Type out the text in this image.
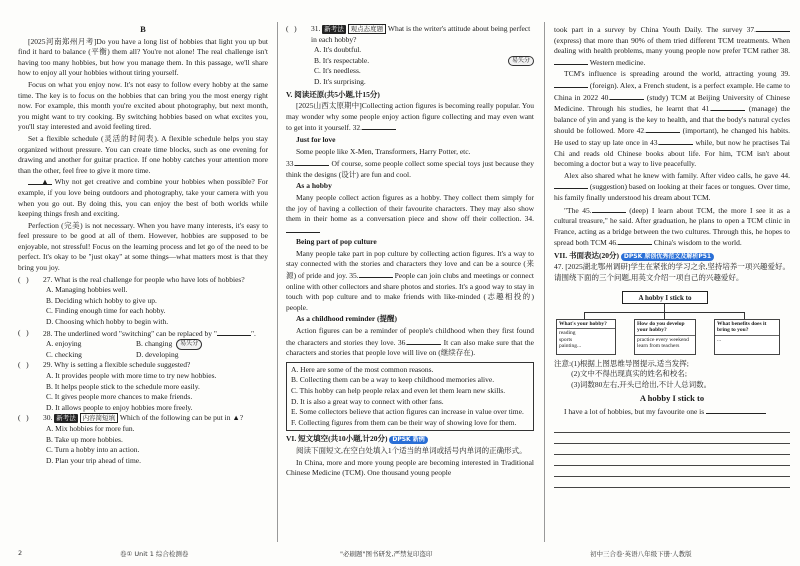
B

[2025河南郑州月考]Do you have a long list of hobbies that light you up but find it hard to balance (平衡) them all? You're not alone! The real challenge isn't having too many hobbies, but how you manage them. In this passage, we'll share how to enjoy all your hobbies without tiring yourself.

Focus on what you enjoy now. It's not easy to follow every hobby at the same time. The key is to focus on the hobbies that can bring you the most energy right now. For example, this month you're excited about photography, but next month, you might want to try cooking. By switching hobbies based on what excites you, you'll stay interested and avoid feeling tired.

Set a flexible schedule (灵活的时间表). A flexible schedule helps you stay organized without pressure. You can create time blocks, such as one evening for drawing and another for guitar practice. If one hobby catches your attention more than the other, feel free to give it more time.

▲ Why not get creative and combine your hobbies when possible? For example, if you love being outdoors and photography, take your camera with you when you go out. By doing this, you can enjoy the best of both worlds while keeping things fresh and exciting.

Perfection (完美) is not necessary. When you have many interests, it's easy to feel pressure to be good at all of them. However, hobbies are supposed to be enjoyable, not stressful! Focus on the learning process and let go of the need to be perfect. It's okay to be "just okay" at some things—what matters most is that they bring you joy.

(   )	27. What is the real challenge for people who have lots of hobbies?
A. Managing hobbies well.
B. Deciding which hobby to give up.
C. Finding enough time for each hobby.
D. Choosing which hobby to begin with.
(   )	28. The underlined word "switching" can be replaced by "	".
A. enjoying	B. changing	易失分
C. checking	D. developing
(   )	29. Why is setting a flexible schedule suggested?
A. It provides people with more time to try new hobbies.
B. It helps people stick to the schedule more easily.
C. It gives people more chances to make friends.
D. It allows people to enjoy hobbies more freely.
(   )	30. 新考法 内容简短填 Which of the following can be put in ▲?
A. Mix hobbies for more fun.
B. Take up more hobbies.
C. Turn a hobby into an action.
D. Plan your trip ahead of time.
(   )	31. 新考法 观点态度题 What is the writer's attitude about being perfect in each hobby?
A. It's doubtful.
B. It's respectable.	易失分
C. It's needless.
D. It's surprising.
V. 阅读还原(共5小题,计15分)

[2025山西太原期中]Collecting action figures is becoming really popular. You may wonder why some people enjoy action figure collecting and may even want to get into it yourself. 32.

Just for love

Some people like X-Men, Transformers, Harry Potter, etc.

33.	Of course, some people collect some special toys just because they think the designs (设计) are fun and cool.

As a hobby

Many people collect action figures as a hobby. They collect them simply for the joy of having a collection of their favourite characters. They may also show them in their home as a conversation piece and show off their collection. 34.

Being part of pop culture

Many people take part in pop culture by collecting action figures. It's a way to stay connected with the stories and characters they love and can be a source (来源) of pride and joy. 35.	People can join clubs and meetings or connect online with other collectors and share photos and stories. It's a good way to stay in touch with pop culture and to make friends with like-minded (志趣相投的) people.

As a childhood reminder (提醒)

Action figures can be a reminder of people's childhood when they first found the characters and stories they love. 36.	It can also make sure that the characters and stories that people love will live on (继续存在).

A. Here are some of the most common reasons.
B. Collecting them can be a way to keep childhood memories alive.
C. This hobby can help people relax and even let them learn new skills.
D. It is also a great way to connect with other fans.
E. Some collectors believe that action figures can increase in value over time.
F. Collecting figures from them can be their way of showing love for them.
VI. 短文填空(共10小题,计20分) DPSK 新例

阅读下面短文,在空白处填入1个适当的单词或括号内单词的正确形式。

In China, more and more young people are becoming interested in Traditional Chinese Medicine (TCM). One thousand young people

took part in a survey by China Youth Daily. The survey 37. (express) that more than 90% of them tried different TCM treatments. When dealing with health problems, many young people now prefer TCM rather 38. Western medicine.

TCM's influence is spreading around the world, attracting young 39. (foreign). Alex, a French student, is a perfect example. He came to China in 2022 40.	(study) TCM at Beijing University of Chinese Medicine. Through his studies, he learnt that 41.	(manage) the balance of yin and yang is the key to health, and that the body's natural cycles should be followed. More 42.	(important), he changed his habits. He used to stay up late once in 43.	while, but now he practises Tai Chi and reads old Chinese books about life. For him, TCM isn't about becoming a doctor but a way to live peacefully.

Alex also shared what he knew with family. After video calls, he gave 44. (suggestion) based on looking at their faces or tongues. Over time, his family finally understood his dream about TCM.

"The 45.	(deep) I learn about TCM, the more I see it as a cultural treasure," he said. After graduation, he plans to open a TCM clinic in France, acting as a bridge between the two cultures. Through this, he hopes to spread both TCM 46.	China's wisdom to the world.

VII. 书面表达(20分) DPSK 原创优秀范文及解析P51

47. [2025湖北鄂州调研]学生在紧张的学习之余,坚持培养一项兴趣爱好。请围绕下面的三个问题,用英文介绍一项自己的兴趣爱好。

A hobby I stick to
What's your hobby?
reading
sports
painting...
How do you develop your hobby?
practice every weekend
learn from teachers
What benefits does it bring to you?
...
注意: (1)根据上图思维导图提示,适当发挥;
(2)文中不得出现真实的姓名和校名;
(3)词数80左右,开头已给出,不计人总词数。
A hobby I stick to

I have a lot of hobbies, but my favourite one is

2	卷① Unit 1 综合检测卷	"必刷题"图书研发,严禁复印盗印	初中三合卷·英语八年级下册·人教版
